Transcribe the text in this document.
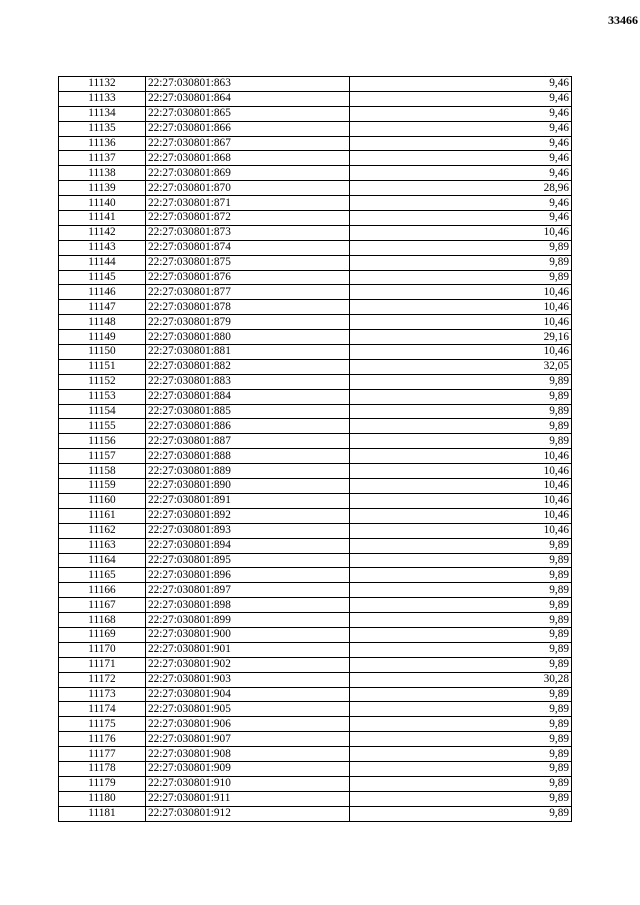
33466
11132	22:27:030801:863	9,46
11133	22:27:030801:864	9,46
11134	22:27:030801:865	9,46
11135	22:27:030801:866	9,46
11136	22:27:030801:867	9,46
11137	22:27:030801:868	9,46
11138	22:27:030801:869	9,46
11139	22:27:030801:870	28,96
11140	22:27:030801:871	9,46
11141	22:27:030801:872	9,46
11142	22:27:030801:873	10,46
11143	22:27:030801:874	9,89
11144	22:27:030801:875	9,89
11145	22:27:030801:876	9,89
11146	22:27:030801:877	10,46
11147	22:27:030801:878	10,46
11148	22:27:030801:879	10,46
11149	22:27:030801:880	29,16
11150	22:27:030801:881	10,46
11151	22:27:030801:882	32,05
11152	22:27:030801:883	9,89
11153	22:27:030801:884	9,89
11154	22:27:030801:885	9,89
11155	22:27:030801:886	9,89
11156	22:27:030801:887	9,89
11157	22:27:030801:888	10,46
11158	22:27:030801:889	10,46
11159	22:27:030801:890	10,46
11160	22:27:030801:891	10,46
11161	22:27:030801:892	10,46
11162	22:27:030801:893	10,46
11163	22:27:030801:894	9,89
11164	22:27:030801:895	9,89
11165	22:27:030801:896	9,89
11166	22:27:030801:897	9,89
11167	22:27:030801:898	9,89
11168	22:27:030801:899	9,89
11169	22:27:030801:900	9,89
11170	22:27:030801:901	9,89
11171	22:27:030801:902	9,89
11172	22:27:030801:903	30,28
11173	22:27:030801:904	9,89
11174	22:27:030801:905	9,89
11175	22:27:030801:906	9,89
11176	22:27:030801:907	9,89
11177	22:27:030801:908	9,89
11178	22:27:030801:909	9,89
11179	22:27:030801:910	9,89
11180	22:27:030801:911	9,89
11181	22:27:030801:912	9,89
